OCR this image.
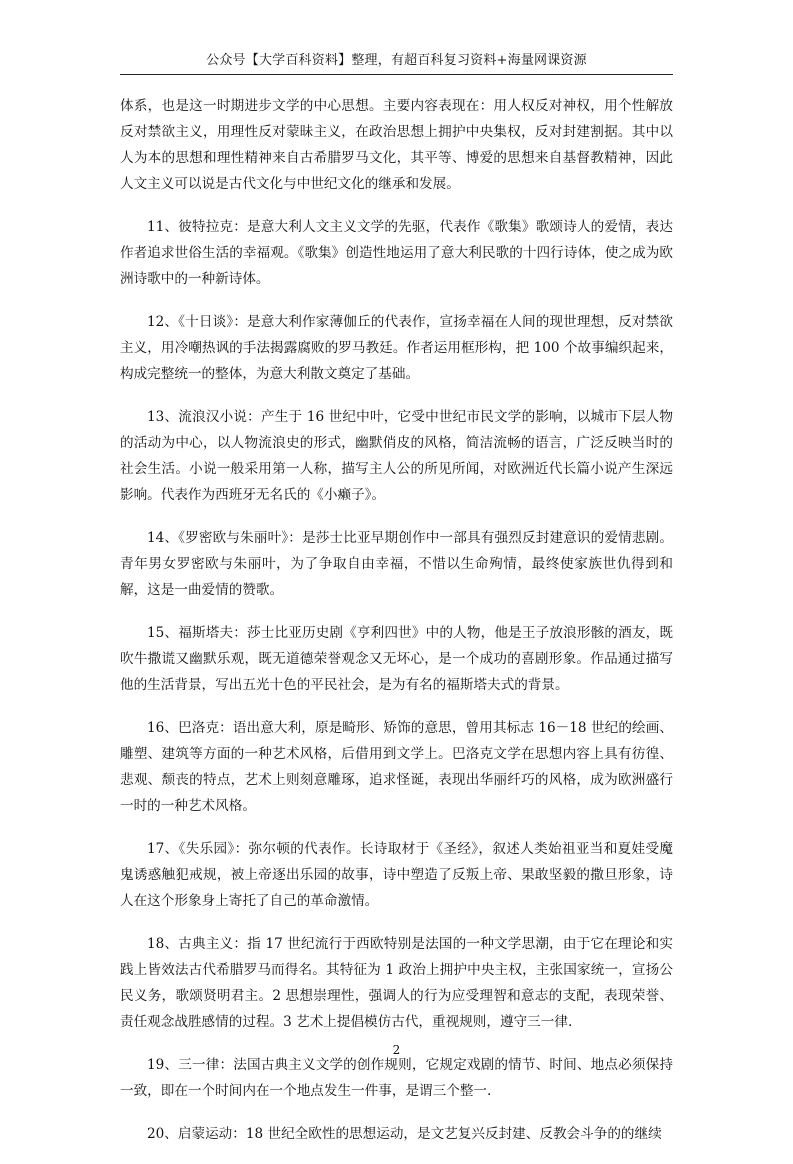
公众号【大学百科资料】整理，有超百科复习资料+海量网课资源

体系，也是这一时期进步文学的中心思想。主要内容表现在：用人权反对神权，用个性解放反对禁欲主义，用理性反对蒙昧主义，在政治思想上拥护中央集权，反对封建割据。其中以人为本的思想和理性精神来自古希腊罗马文化，其平等、博爱的思想来自基督教精神，因此人文主义可以说是古代文化与中世纪文化的继承和发展。

11、彼特拉克：是意大利人文主义文学的先驱，代表作《歌集》歌颂诗人的爱情，表达作者追求世俗生活的幸福观。《歌集》创造性地运用了意大利民歌的十四行诗体，使之成为欧洲诗歌中的一种新诗体。

12、《十日谈》：是意大利作家薄伽丘的代表作，宣扬幸福在人间的现世理想，反对禁欲主义，用冷嘲热讽的手法揭露腐败的罗马教廷。作者运用框形构，把 100 个故事编织起来，构成完整统一的整体，为意大利散文奠定了基础。

13、流浪汉小说：产生于 16 世纪中叶，它受中世纪市民文学的影响，以城市下层人物的活动为中心，以人物流浪史的形式，幽默俏皮的风格，简洁流畅的语言，广泛反映当时的社会生活。小说一般采用第一人称，描写主人公的所见所闻，对欧洲近代长篇小说产生深远影响。代表作为西班牙无名氏的《小癞子》。

14、《罗密欧与朱丽叶》：是莎士比亚早期创作中一部具有强烈反封建意识的爱情悲剧。青年男女罗密欧与朱丽叶，为了争取自由幸福，不惜以生命殉情，最终使家族世仇得到和解，这是一曲爱情的赞歌。

15、福斯塔夫：莎士比亚历史剧《亨利四世》中的人物，他是王子放浪形骸的酒友，既吹牛撒谎又幽默乐观，既无道德荣誉观念又无坏心，是一个成功的喜剧形象。作品通过描写他的生活背景，写出五光十色的平民社会，是为有名的福斯塔夫式的背景。

16、巴洛克：语出意大利，原是畸形、矫饰的意思，曾用其标志 16－18 世纪的绘画、雕塑、建筑等方面的一种艺术风格，后借用到文学上。巴洛克文学在思想内容上具有彷徨、悲观、颓丧的特点，艺术上则刻意雕琢，追求怪诞，表现出华丽纤巧的风格，成为欧洲盛行一时的一种艺术风格。

17、《失乐园》：弥尔顿的代表作。长诗取材于《圣经》，叙述人类始祖亚当和夏娃受魔鬼诱惑触犯戒规，被上帝逐出乐园的故事，诗中塑造了反叛上帝、果敢坚毅的撒旦形象，诗人在这个形象身上寄托了自己的革命激情。

18、古典主义：指 17 世纪流行于西欧特别是法国的一种文学思潮，由于它在理论和实践上皆效法古代希腊罗马而得名。其特征为 1 政治上拥护中央主权，主张国家统一，宣扬公民义务，歌颂贤明君主。2 思想崇理性，强调人的行为应受理智和意志的支配，表现荣誉、责任观念战胜感情的过程。3 艺术上提倡模仿古代，重视规则，遵守三一律.

19、三一律：法国古典主义文学的创作规则，它规定戏剧的情节、时间、地点必须保持一致，即在一个时间内在一个地点发生一件事，是谓三个整一.

20、启蒙运动：18 世纪全欧性的思想运动，是文艺复兴反封建、反教会斗争的的继续

2
